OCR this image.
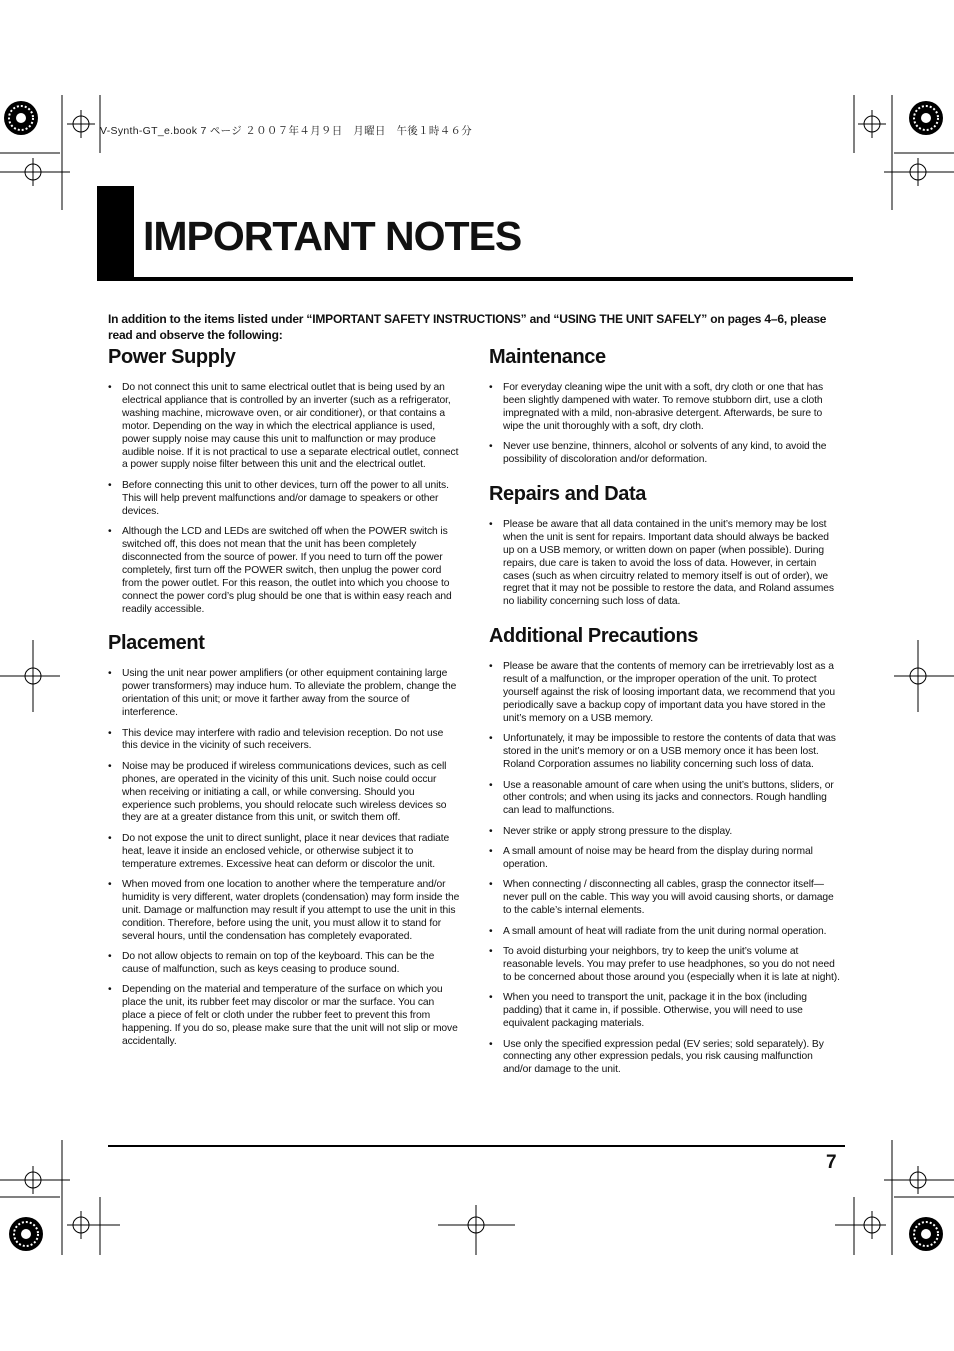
V-Synth-GT_e.book 7 ページ ２００７年４月９日　月曜日　午後１時４６分
IMPORTANT NOTES
In addition to the items listed under “IMPORTANT SAFETY INSTRUCTIONS” and “USING THE UNIT SAFELY” on pages 4–6, please read and observe the following:
Power Supply
• Do not connect this unit to same electrical outlet that is being used by an electrical appliance that is controlled by an inverter (such as a refrigerator, washing machine, microwave oven, or air conditioner), or that contains a motor. Depending on the way in which the electrical appliance is used, power supply noise may cause this unit to malfunction or may produce audible noise. If it is not practical to use a separate electrical outlet, connect a power supply noise filter between this unit and the electrical outlet.
• Before connecting this unit to other devices, turn off the power to all units. This will help prevent malfunctions and/or damage to speakers or other devices.
• Although the LCD and LEDs are switched off when the POWER switch is switched off, this does not mean that the unit has been completely disconnected from the source of power. If you need to turn off the power completely, first turn off the POWER switch, then unplug the power cord from the power outlet. For this reason, the outlet into which you choose to connect the power cord’s plug should be one that is within easy reach and readily accessible.
Placement
• Using the unit near power amplifiers (or other equipment containing large power transformers) may induce hum. To alleviate the problem, change the orientation of this unit; or move it farther away from the source of interference.
• This device may interfere with radio and television reception. Do not use this device in the vicinity of such receivers.
• Noise may be produced if wireless communications devices, such as cell phones, are operated in the vicinity of this unit. Such noise could occur when receiving or initiating a call, or while conversing. Should you experience such problems, you should relocate such wireless devices so they are at a greater distance from this unit, or switch them off.
• Do not expose the unit to direct sunlight, place it near devices that radiate heat, leave it inside an enclosed vehicle, or otherwise subject it to temperature extremes. Excessive heat can deform or discolor the unit.
• When moved from one location to another where the temperature and/or humidity is very different, water droplets (condensation) may form inside the unit. Damage or malfunction may result if you attempt to use the unit in this condition. Therefore, before using the unit, you must allow it to stand for several hours, until the condensation has completely evaporated.
• Do not allow objects to remain on top of the keyboard. This can be the cause of malfunction, such as keys ceasing to produce sound.
• Depending on the material and temperature of the surface on which you place the unit, its rubber feet may discolor or mar the surface. You can place a piece of felt or cloth under the rubber feet to prevent this from happening. If you do so, please make sure that the unit will not slip or move accidentally.
Maintenance
• For everyday cleaning wipe the unit with a soft, dry cloth or one that has been slightly dampened with water. To remove stubborn dirt, use a cloth impregnated with a mild, non-abrasive detergent. Afterwards, be sure to wipe the unit thoroughly with a soft, dry cloth.
• Never use benzine, thinners, alcohol or solvents of any kind, to avoid the possibility of discoloration and/or deformation.
Repairs and Data
• Please be aware that all data contained in the unit’s memory may be lost when the unit is sent for repairs. Important data should always be backed up on a USB memory, or written down on paper (when possible). During repairs, due care is taken to avoid the loss of data. However, in certain cases (such as when circuitry related to memory itself is out of order), we regret that it may not be possible to restore the data, and Roland assumes no liability concerning such loss of data.
Additional Precautions
• Please be aware that the contents of memory can be irretrievably lost as a result of a malfunction, or the improper operation of the unit. To protect yourself against the risk of loosing important data, we recommend that you periodically save a backup copy of important data you have stored in the unit’s memory on a USB memory.
• Unfortunately, it may be impossible to restore the contents of data that was stored in the unit’s memory or on a USB memory once it has been lost. Roland Corporation assumes no liability concerning such loss of data.
• Use a reasonable amount of care when using the unit’s buttons, sliders, or other controls; and when using its jacks and connectors. Rough handling can lead to malfunctions.
• Never strike or apply strong pressure to the display.
• A small amount of noise may be heard from the display during normal operation.
• When connecting / disconnecting all cables, grasp the connector itself—never pull on the cable. This way you will avoid causing shorts, or damage to the cable’s internal elements.
• A small amount of heat will radiate from the unit during normal operation.
• To avoid disturbing your neighbors, try to keep the unit’s volume at reasonable levels. You may prefer to use headphones, so you do not need to be concerned about those around you (especially when it is late at night).
• When you need to transport the unit, package it in the box (including padding) that it came in, if possible. Otherwise, you will need to use equivalent packaging materials.
• Use only the specified expression pedal (EV series; sold separately). By connecting any other expression pedals, you risk causing malfunction and/or damage to the unit.
7
